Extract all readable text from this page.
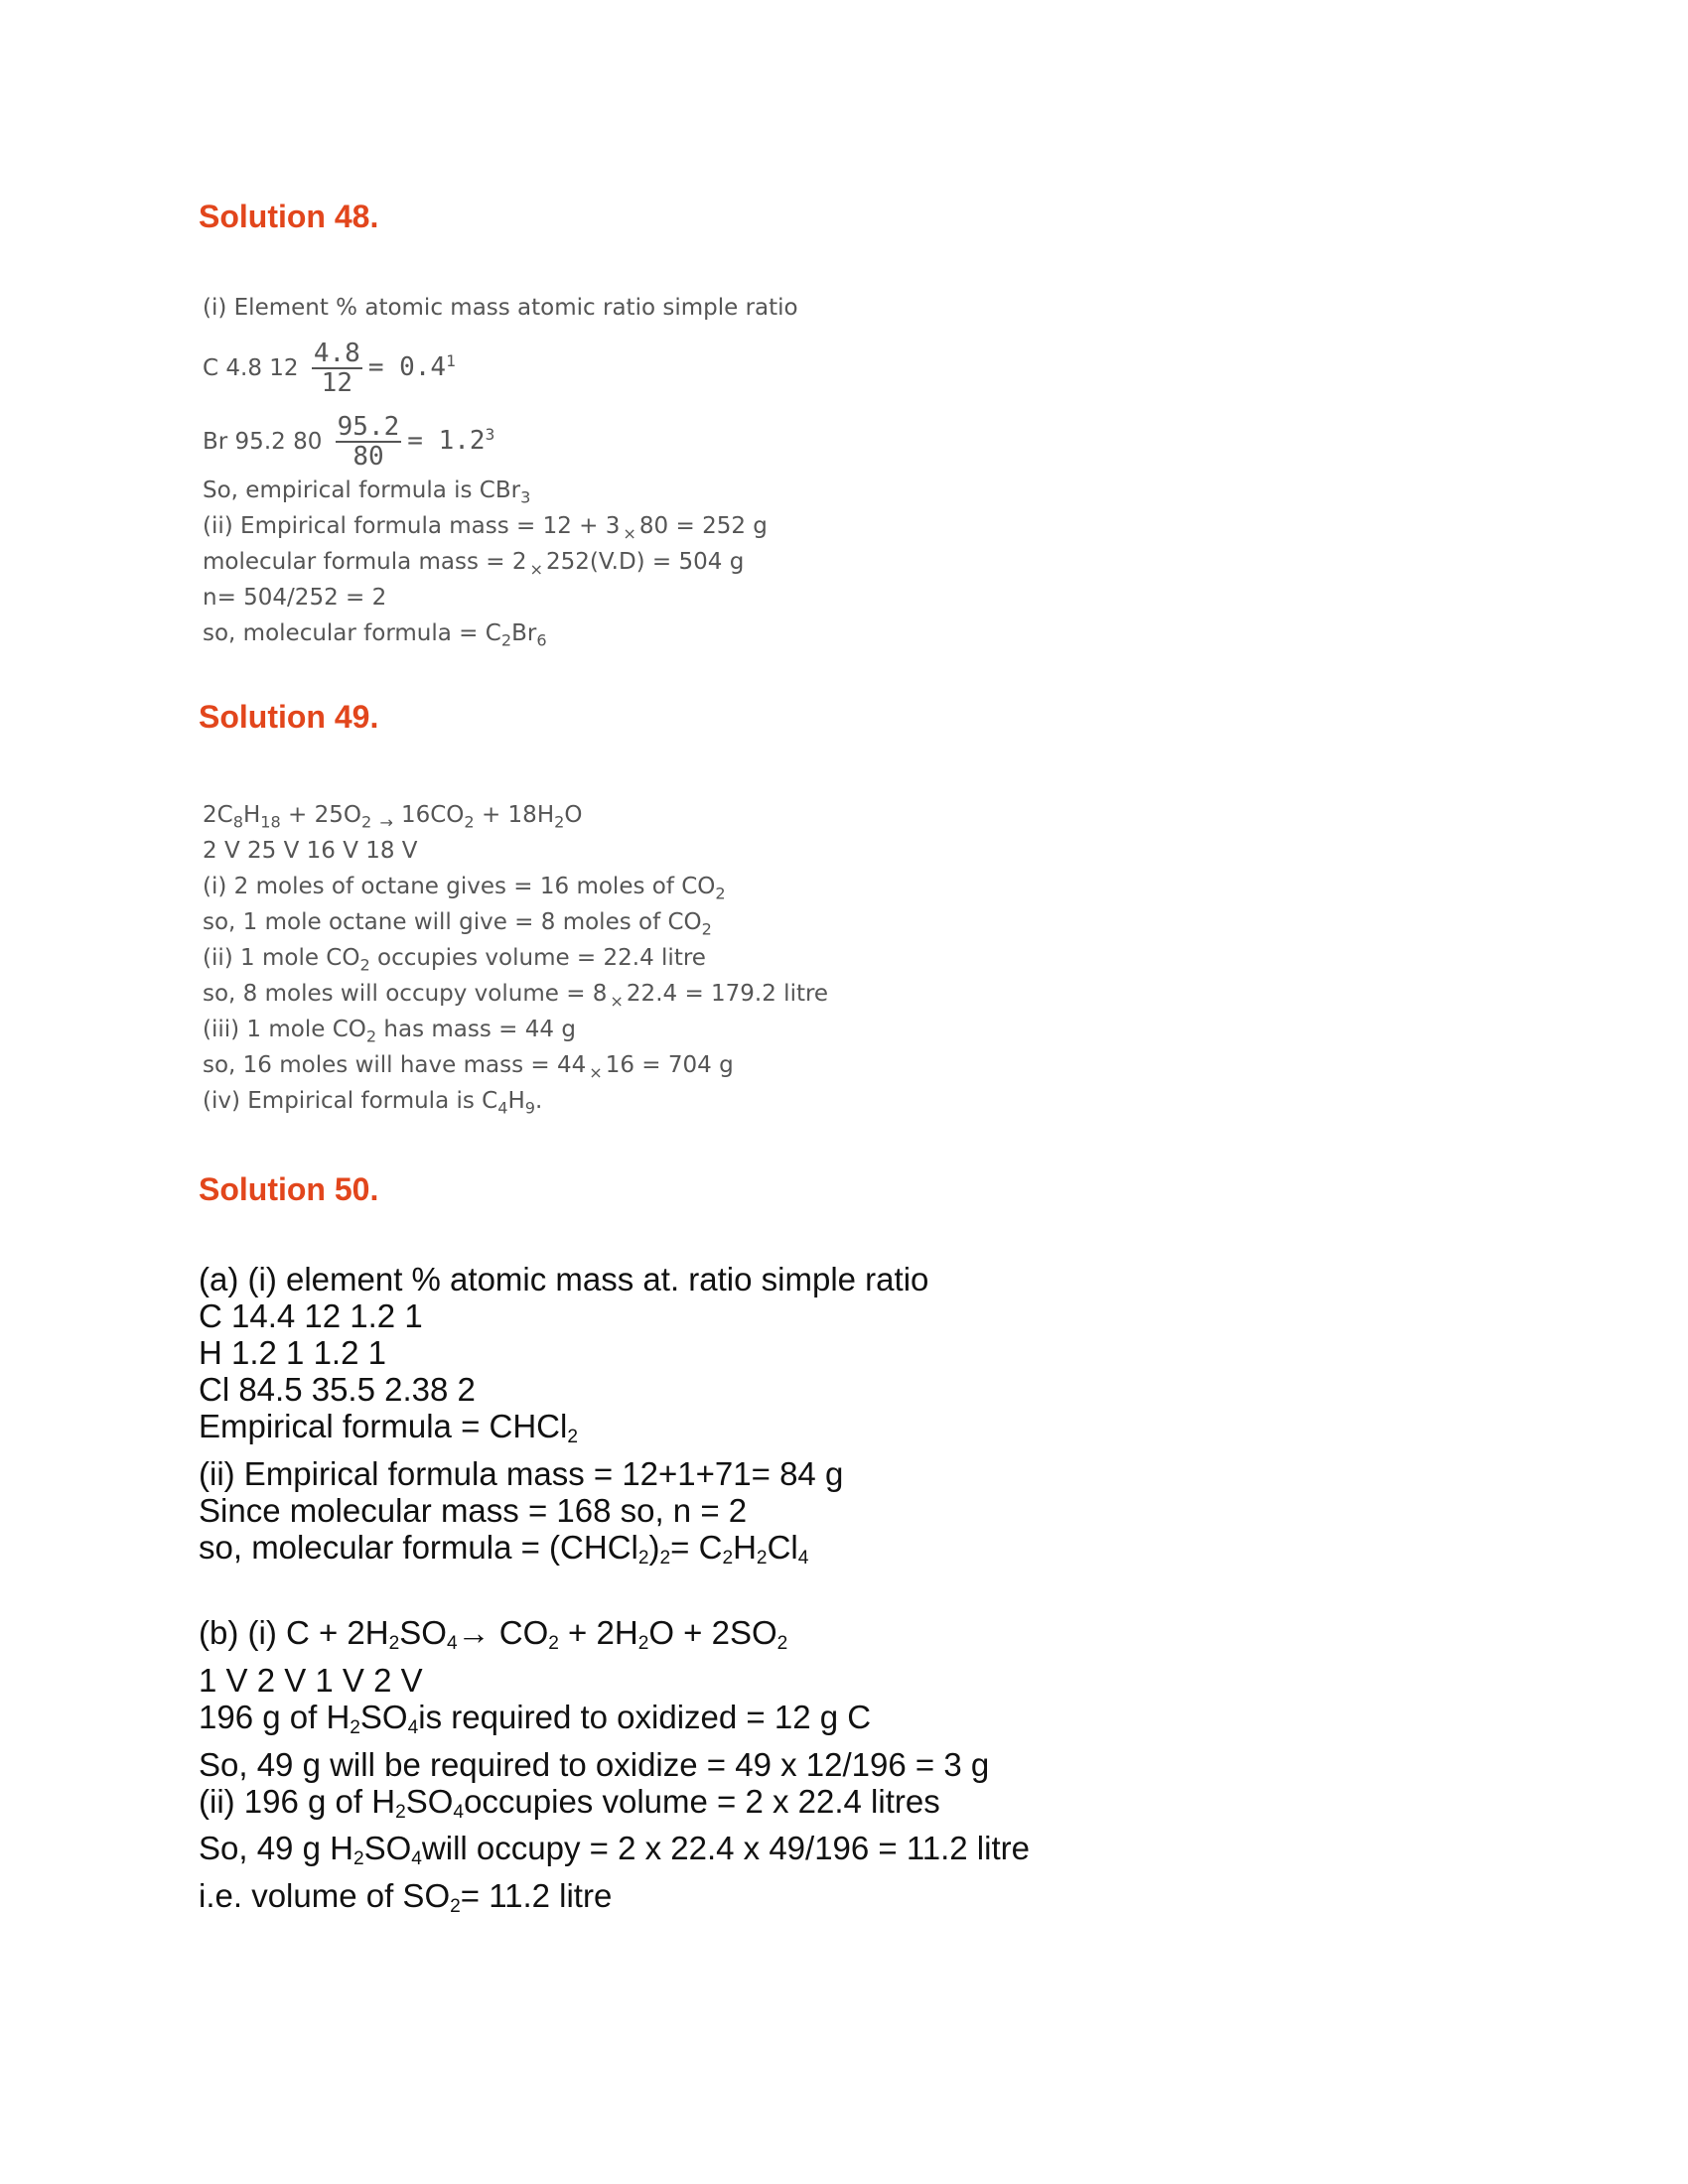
Solution 48.
(i) Element % atomic mass atomic ratio simple ratio
C 4.8 $12 \frac{4.8}{12} = 0.4^1$
Br 95.2 $80 \frac{95.2}{80} = 1.2^3$
So, empirical formula is CBr$_3$
(ii) Empirical formula mass = 12 + 3 $_\times$ 80 = 252 g
molecular formula mass = 2 $_\times$ 252(V.D) = 504 g
n= 504/252 = 2
so, molecular formula = $C_2Br_6$
Solution 49.
$2C_8H_{18} + 25O_2$ $_\to$ $16CO_2 + 18H_2O$
2 V 25 V 16 V 18 V
(i) 2 moles of octane gives = 16 moles of $CO_2$
so, 1 mole octane will give = 8 moles of $CO_2$
(ii) 1 mole $CO_2$ occupies volume = 22.4 litre
so, 8 moles will occupy volume = 8 $_\times$ 22.4 = 179.2 litre
(iii) 1 mole $CO_2$ has mass = 44 g
so, 16 moles will have mass = 44 $_\times$ 16 = 704 g
(iv) Empirical formula is $C_4H_9$.
Solution 50.
(a) (i) element % atomic mass at. ratio simple ratio
C 14.4 12 1.2 1
H 1.2 1 1.2 1
Cl 84.5 35.5 2.38 2
Empirical formula = CHCl2
(ii) Empirical formula mass = 12+1+71= 84 g
Since molecular mass = 168 so, n = 2
so, molecular formula = (CHCl2)2= C2H2Cl4
(b) (i) C + 2H2SO4→ CO2 + 2H2O + 2SO2
1 V 2 V 1 V 2 V
196 g of H2SO4is required to oxidized = 12 g C
So, 49 g will be required to oxidize = 49 x 12/196 = 3 g
(ii) 196 g of H2SO4occupies volume = 2 x 22.4 litres
So, 49 g H2SO4will occupy = 2 x 22.4 x 49/196 = 11.2 litre
i.e. volume of SO2= 11.2 litre
